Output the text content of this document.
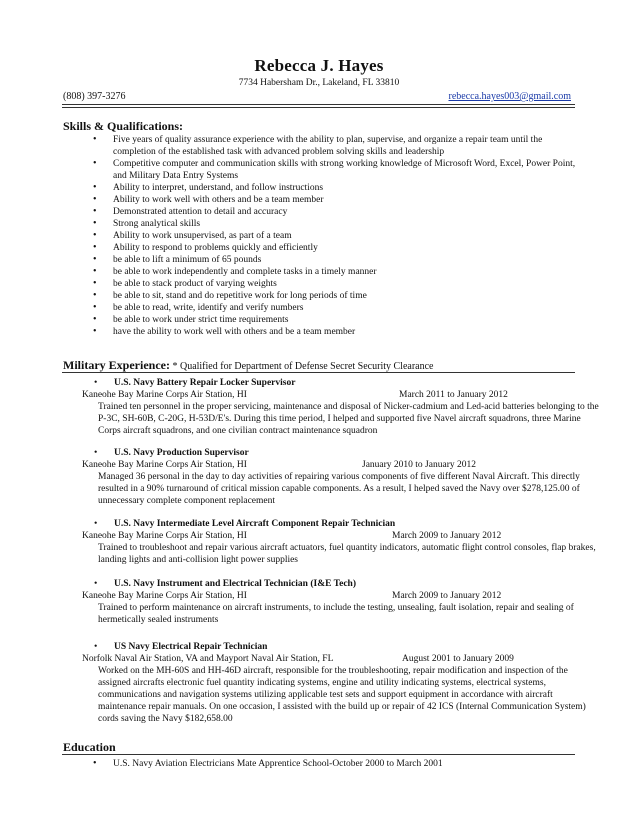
Rebecca J. Hayes
7734 Habersham Dr., Lakeland, FL 33810
(808) 397-3276	rebecca.hayes003@gmail.com
Skills & Qualifications:
• Five years of quality assurance experience with the ability to plan, supervise, and organize a repair team until the completion of the established task with advanced problem solving skills and leadership
• Competitive computer and communication skills with strong working knowledge of Microsoft Word, Excel, Power Point, and Military Data Entry Systems
• Ability to interpret, understand, and follow instructions
• Ability to work well with others and be a team member
• Demonstrated attention to detail and accuracy
• Strong analytical skills
• Ability to work unsupervised, as part of a team
• Ability to respond to problems quickly and efficiently
• be able to lift a minimum of 65 pounds
• be able to work independently and complete tasks in a timely manner
• be able to stack product of varying weights
• be able to sit, stand and do repetitive work for long periods of time
• be able to read, write, identify and verify numbers
• be able to work under strict time requirements
• have the ability to work well with others and be a team member
Military Experience: * Qualified for Department of Defense Secret Security Clearance
• U.S. Navy Battery Repair Locker Supervisor
Kaneohe Bay Marine Corps Air Station, HI	March 2011 to January 2012
Trained ten personnel in the proper servicing, maintenance and disposal of Nicker-cadmium and Led-acid batteries belonging to the P-3C, SH-60B, C-20G, H-53D/E's. During this time period, I helped and supported five Navel aircraft squadrons, three Marine Corps aircraft squadrons, and one civilian contract maintenance squadron
• U.S. Navy Production Supervisor
Kaneohe Bay Marine Corps Air Station, HI	January 2010 to January 2012
Managed 36 personal in the day to day activities of repairing various components of five different Naval Aircraft. This directly resulted in a 90% turnaround of critical mission capable components. As a result, I helped saved the Navy over $278,125.00 of unnecessary complete component replacement
• U.S. Navy Intermediate Level Aircraft Component Repair Technician
Kaneohe Bay Marine Corps Air Station, HI	March 2009 to January 2012
Trained to troubleshoot and repair various aircraft actuators, fuel quantity indicators, automatic flight control consoles, flap brakes, landing lights and anti-collision light power supplies
• U.S. Navy Instrument and Electrical Technician (I&E Tech)
Kaneohe Bay Marine Corps Air Station, HI	March 2009 to January 2012
Trained to perform maintenance on aircraft instruments, to include the testing, unsealing, fault isolation, repair and sealing of hermetically sealed instruments
• US Navy Electrical Repair Technician
Norfolk Naval Air Station, VA and Mayport Naval Air Station, FL	August 2001 to January 2009
Worked on the MH-60S and HH-46D aircraft, responsible for the troubleshooting, repair modification and inspection of the assigned aircrafts electronic fuel quantity indicating systems, engine and utility indicating systems, electrical systems, communications and navigation systems utilizing applicable test sets and support equipment in accordance with aircraft maintenance repair manuals. On one occasion, I assisted with the build up or repair of 42 ICS (Internal Communication System) cords saving the Navy $182,658.00
Education
• U.S. Navy Aviation Electricians Mate Apprentice School-October 2000 to March 2001
